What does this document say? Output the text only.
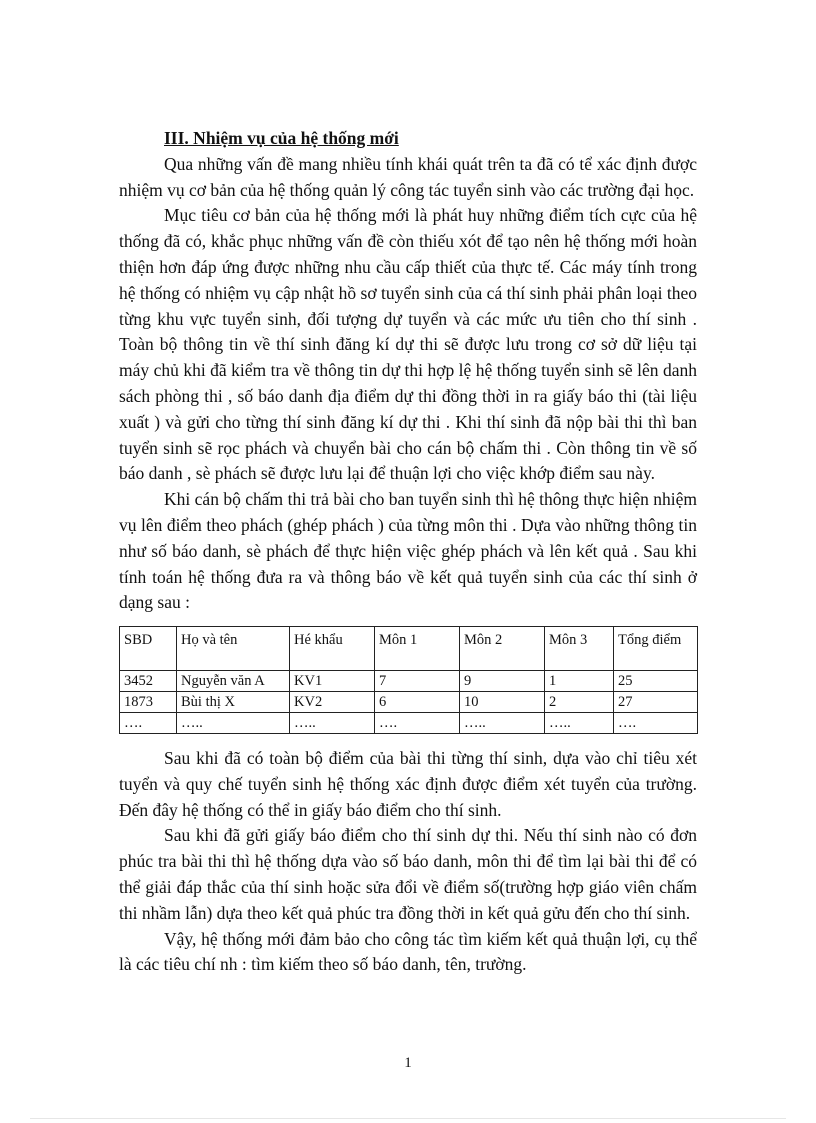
III. Nhiệm vụ của hệ thống mới

Qua những vấn đề mang nhiều tính khái quát trên ta đã có tể xác định được nhiệm vụ cơ bản của hệ thống quản lý công tác tuyển sinh vào các trường đại học.

Mục tiêu cơ bản của hệ thống mới là phát huy những điểm tích cực của hệ thống đã có, khắc phục những vấn đề còn thiếu xót để tạo nên hệ thống mới hoàn thiện hơn đáp ứng được những nhu cầu cấp thiết của thực tế. Các máy tính trong hệ thống có nhiệm vụ cập nhật hồ sơ tuyển sinh của cá thí sinh phải phân loại theo từng khu vực tuyển sinh, đối tượng dự tuyển và các mức ưu tiên cho thí sinh . Toàn bộ thông tin về thí sinh đăng kí dự thi sẽ được lưu trong cơ sở dữ liệu tại máy chủ khi đã kiểm tra về thông tin dự thi hợp lệ hệ thống tuyển sinh sẽ lên danh sách phòng thi , số báo danh địa điểm dự thi đồng thời in ra giấy báo thi (tài liệu xuất ) và gửi cho từng thí sinh đăng kí dự thi . Khi thí sinh đã nộp bài thi thì ban tuyển sinh sẽ rọc phách và chuyển bài cho cán bộ chấm thi . Còn thông tin về số báo danh , sè phách sẽ được lưu lại để thuận lợi cho việc khớp điểm sau này.

Khi cán bộ chấm thi trả bài cho ban tuyển sinh thì hệ thông thực hiện nhiệm vụ lên điểm theo phách (ghép phách ) của từng môn thi . Dựa vào những thông tin như số báo danh, sè phách để thực hiện việc ghép phách và lên kết quả . Sau khi tính toán hệ thống đưa ra và thông báo về kết quả tuyển sinh của các thí sinh ở dạng sau :

SBD	Họ và tên	Hé khẩu	Môn 1	Môn 2	Môn 3	Tổng điểm
3452	Nguyễn văn A	KV1	7	9	1	25
1873	Bùi thị X	KV2	6	10	2	27
….	…..	…..	….	…..	…..	….

Sau khi đã có toàn bộ điểm của bài thi từng thí sinh, dựa vào chỉ tiêu xét tuyển và quy chế tuyển sinh hệ thống xác định được điểm xét tuyển của trường. Đến đây hệ thống có thể in giấy báo điểm cho thí sinh.

Sau khi đã gửi giấy báo điểm cho thí sinh dự thi. Nếu thí sinh nào có đơn phúc tra bài thi thì hệ thống dựa vào số báo danh, môn thi để tìm lại bài thi để có thể giải đáp thắc của thí sinh hoặc sửa đổi về điểm số(trường hợp giáo viên chấm thi nhầm lẫn) dựa theo kết quả phúc tra đồng thời in kết quả gửu đến cho thí sinh.

Vậy, hệ thống mới đảm bảo cho công tác tìm kiếm kết quả thuận lợi, cụ thể là các tiêu chí nh : tìm kiếm theo số báo danh, tên, trường.

1
